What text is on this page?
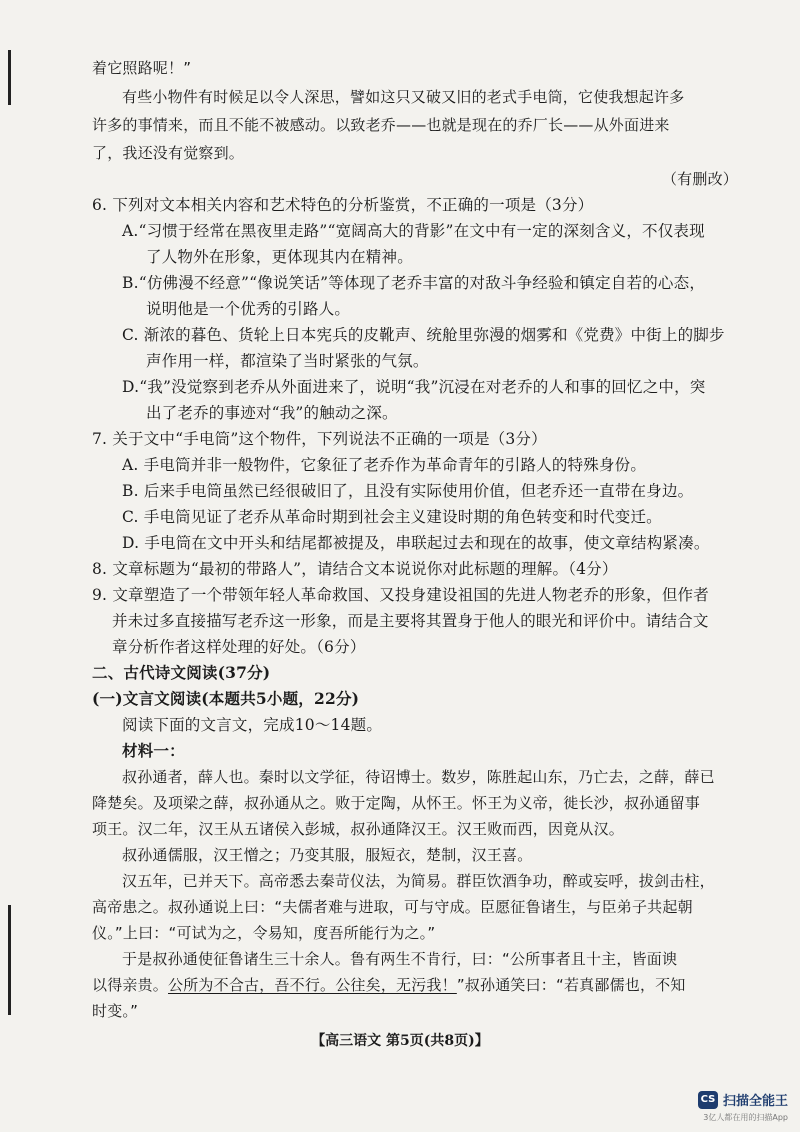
着它照路呢！”
有些小物件有时候足以令人深思，譬如这只又破又旧的老式手电筒，它使我想起许多
许多的事情来，而且不能不被感动。以致老乔——也就是现在的乔厂长——从外面进来
了，我还没有觉察到。
（有删改）
6. 下列对文本相关内容和艺术特色的分析鉴赏，不正确的一项是（3分）
A.“习惯于经常在黑夜里走路”“宽阔高大的背影”在文中有一定的深刻含义，不仅表现
了人物外在形象，更体现其内在精神。
B.“仿佛漫不经意”“像说笑话”等体现了老乔丰富的对敌斗争经验和镇定自若的心态，
说明他是一个优秀的引路人。
C. 渐浓的暮色、货轮上日本宪兵的皮靴声、统舱里弥漫的烟雾和《党费》中街上的脚步
声作用一样，都渲染了当时紧张的气氛。
D.“我”没觉察到老乔从外面进来了，说明“我”沉浸在对老乔的人和事的回忆之中，突
出了老乔的事迹对“我”的触动之深。
7. 关于文中“手电筒”这个物件，下列说法不正确的一项是（3分）
A. 手电筒并非一般物件，它象征了老乔作为革命青年的引路人的特殊身份。
B. 后来手电筒虽然已经很破旧了，且没有实际使用价值，但老乔还一直带在身边。
C. 手电筒见证了老乔从革命时期到社会主义建设时期的角色转变和时代变迁。
D. 手电筒在文中开头和结尾都被提及，串联起过去和现在的故事，使文章结构紧凑。
8. 文章标题为“最初的带路人”，请结合文本说说你对此标题的理解。（4分）
9. 文章塑造了一个带领年轻人革命救国、又投身建设祖国的先进人物老乔的形象，但作者
并未过多直接描写老乔这一形象，而是主要将其置身于他人的眼光和评价中。请结合文
章分析作者这样处理的好处。（6分）
二、古代诗文阅读(37分)
(一)文言文阅读(本题共5小题，22分)
阅读下面的文言文，完成10～14题。
材料一：
叔孙通者，薛人也。秦时以文学征，待诏博士。数岁，陈胜起山东，乃亡去，之薛，薛已
降楚矣。及项梁之薛，叔孙通从之。败于定陶，从怀王。怀王为义帝，徙长沙，叔孙通留事
项王。汉二年，汉王从五诸侯入彭城，叔孙通降汉王。汉王败而西，因竟从汉。
叔孙通儒服，汉王憎之；乃变其服，服短衣，楚制，汉王喜。
汉五年，已并天下。高帝悉去秦苛仪法，为简易。群臣饮酒争功，醉或妄呼，拔剑击柱，
高帝患之。叔孙通说上曰：“夫儒者难与进取，可与守成。臣愿征鲁诸生，与臣弟子共起朝
仪。”上曰：“可试为之，令易知，度吾所能行为之。”
于是叔孙通使征鲁诸生三十余人。鲁有两生不肯行，曰：“公所事者且十主，皆面谀
以得亲贵。公所为不合古，吾不行。公往矣，无污我！”叔孙通笑曰：“若真鄙儒也，不知
时变。”
【高三语文 第5页(共8页)】
CS 扫描全能王
3亿人都在用的扫描App
